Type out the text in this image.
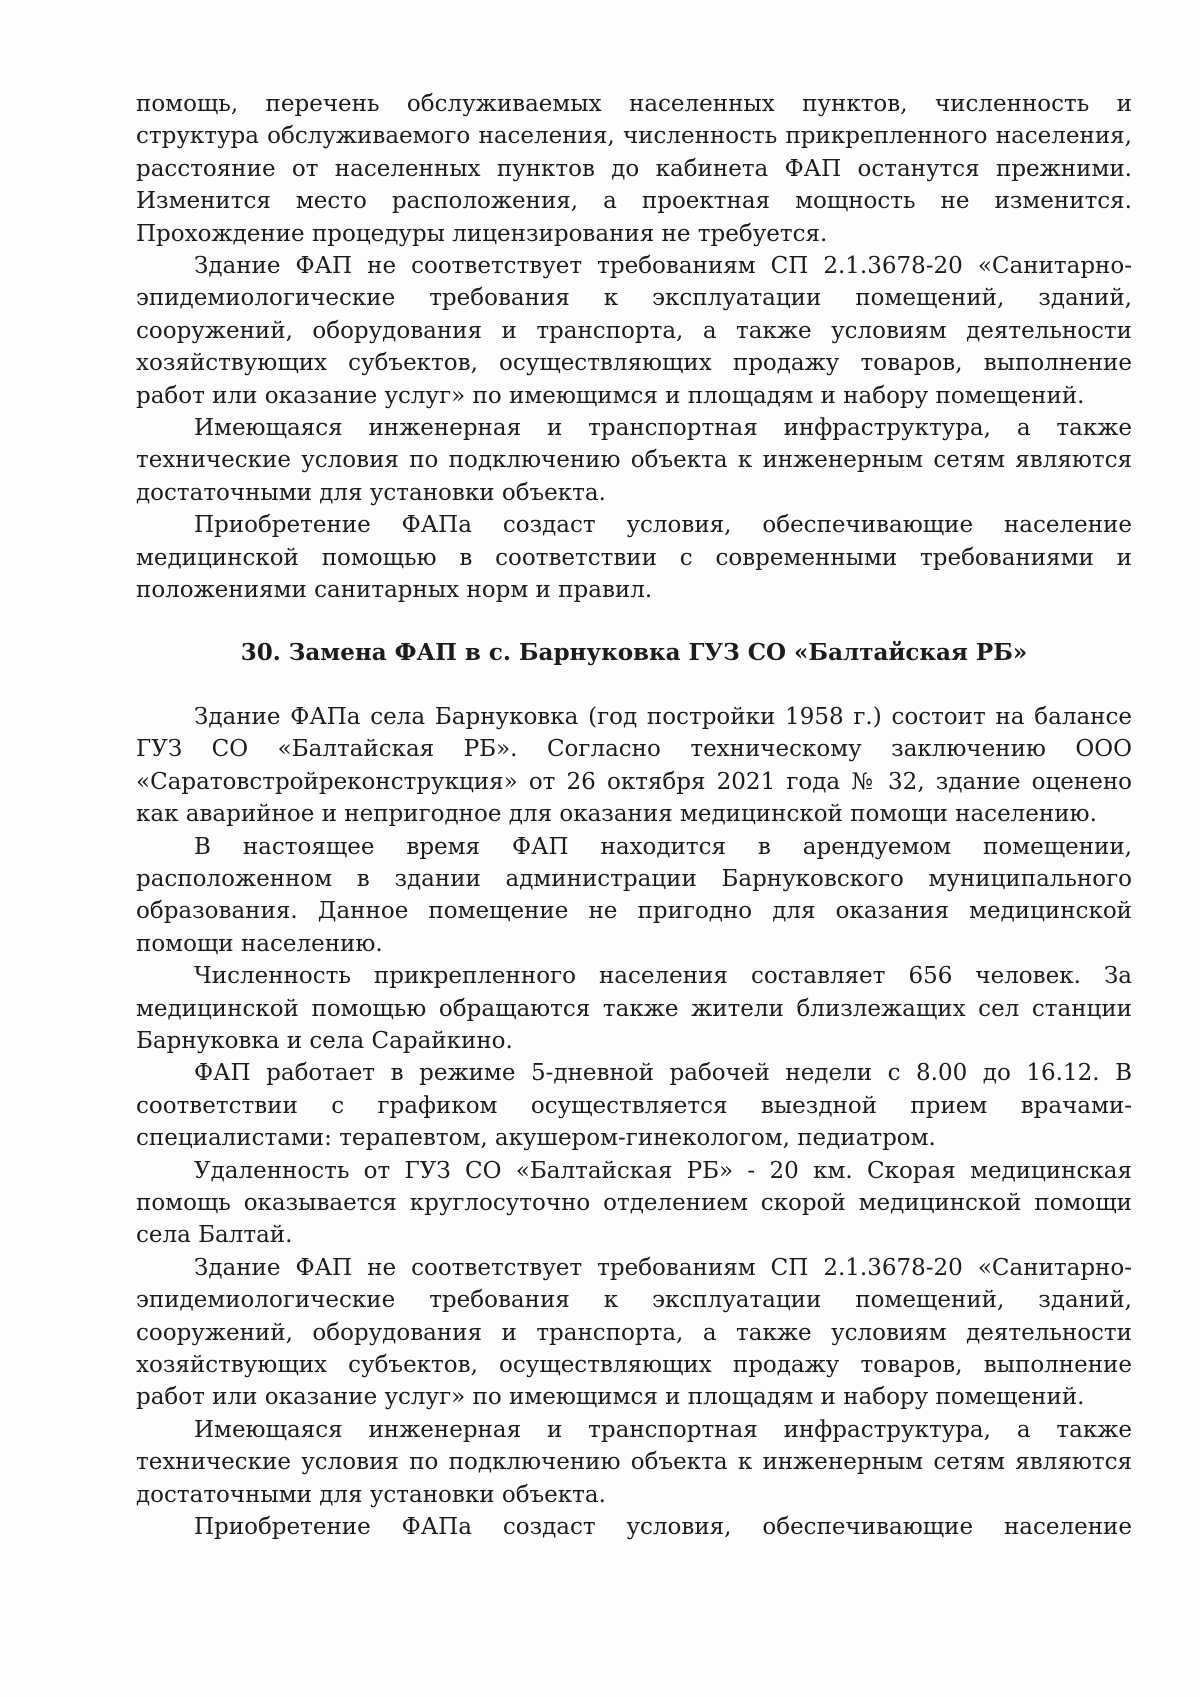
помощь, перечень обслуживаемых населенных пунктов, численность и структура обслуживаемого населения, численность прикрепленного населения, расстояние от населенных пунктов до кабинета ФАП останутся прежними. Изменится место расположения, а проектная мощность не изменится. Прохождение процедуры лицензирования не требуется.

Здание ФАП не соответствует требованиям СП 2.1.3678-20 «Санитарно-эпидемиологические требования к эксплуатации помещений, зданий, сооружений, оборудования и транспорта, а также условиям деятельности хозяйствующих субъектов, осуществляющих продажу товаров, выполнение работ или оказание услуг» по имеющимся и площадям и набору помещений.

Имеющаяся инженерная и транспортная инфраструктура, а также технические условия по подключению объекта к инженерным сетям являются достаточными для установки объекта.

Приобретение ФАПа создаст условия, обеспечивающие население медицинской помощью в соответствии с современными требованиями и положениями санитарных норм и правил.

30. Замена ФАП в с. Барнуковка ГУЗ СО «Балтайская РБ»

Здание ФАПа села Барнуковка (год постройки 1958 г.) состоит на балансе ГУЗ СО «Балтайская РБ». Согласно техническому заключению ООО «Саратовстройреконструкция» от 26 октября 2021 года № 32, здание оценено как аварийное и непригодное для оказания медицинской помощи населению.

В настоящее время ФАП находится в арендуемом помещении, расположенном в здании администрации Барнуковского муниципального образования. Данное помещение не пригодно для оказания медицинской помощи населению.

Численность прикрепленного населения составляет 656 человек. За медицинской помощью обращаются также жители близлежащих сел станции Барнуковка и села Сарайкино.

ФАП работает в режиме 5-дневной рабочей недели с 8.00 до 16.12. В соответствии с графиком осуществляется выездной прием врачами-специалистами: терапевтом, акушером-гинекологом, педиатром.

Удаленность от ГУЗ СО «Балтайская РБ» - 20 км. Скорая медицинская помощь оказывается круглосуточно отделением скорой медицинской помощи села Балтай.

Здание ФАП не соответствует требованиям СП 2.1.3678-20 «Санитарно-эпидемиологические требования к эксплуатации помещений, зданий, сооружений, оборудования и транспорта, а также условиям деятельности хозяйствующих субъектов, осуществляющих продажу товаров, выполнение работ или оказание услуг» по имеющимся и площадям и набору помещений.

Имеющаяся инженерная и транспортная инфраструктура, а также технические условия по подключению объекта к инженерным сетям являются достаточными для установки объекта.

Приобретение ФАПа создаст условия, обеспечивающие население
